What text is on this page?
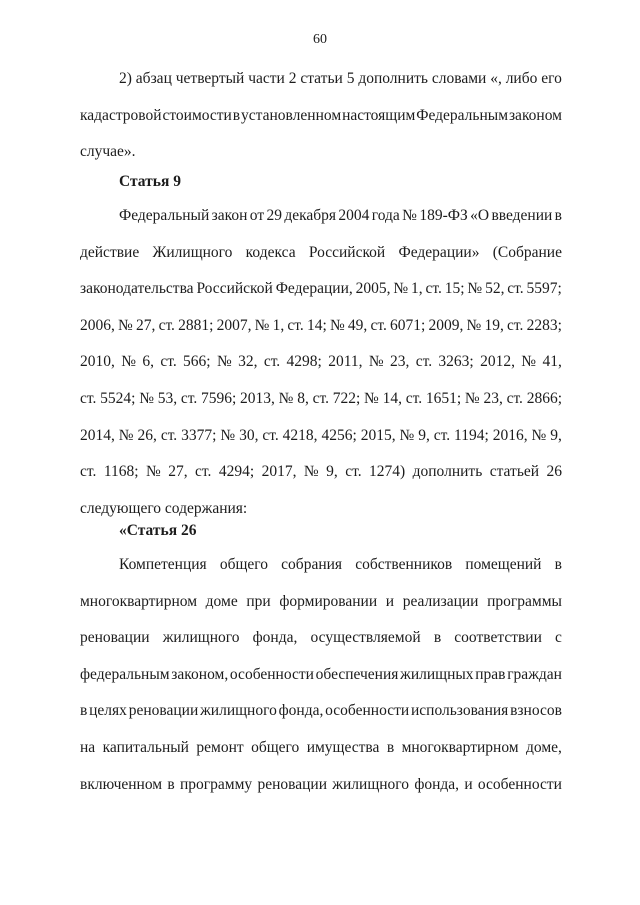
60
2) абзац четвертый части 2 статьи 5 дополнить словами «, либо его
кадастровой стоимости в установленном настоящим Федеральным законом
случае».
Статья 9
Федеральный закон от 29 декабря 2004 года № 189-ФЗ «О введении в
действие Жилищного кодекса Российской Федерации» (Собрание
законодательства Российской Федерации, 2005, № 1, ст. 15; № 52, ст. 5597;
2006, № 27, ст. 2881; 2007, № 1, ст. 14; № 49, ст. 6071; 2009, № 19, ст. 2283;
2010, № 6, ст. 566; № 32, ст. 4298; 2011, № 23, ст. 3263; 2012, № 41,
ст. 5524; № 53, ст. 7596; 2013, № 8, ст. 722; № 14, ст. 1651; № 23, ст. 2866;
2014, № 26, ст. 3377; № 30, ст. 4218, 4256; 2015, № 9, ст. 1194; 2016, № 9,
ст. 1168; № 27, ст. 4294; 2017, № 9, ст. 1274) дополнить статьей 26
следующего содержания:
«Статья 26
Компетенция общего собрания собственников помещений в
многоквартирном доме при формировании и реализации программы
реновации жилищного фонда, осуществляемой в соответствии с
федеральным законом, особенности обеспечения жилищных прав граждан
в целях реновации жилищного фонда, особенности использования взносов
на капитальный ремонт общего имущества в многоквартирном доме,
включенном в программу реновации жилищного фонда, и особенности
